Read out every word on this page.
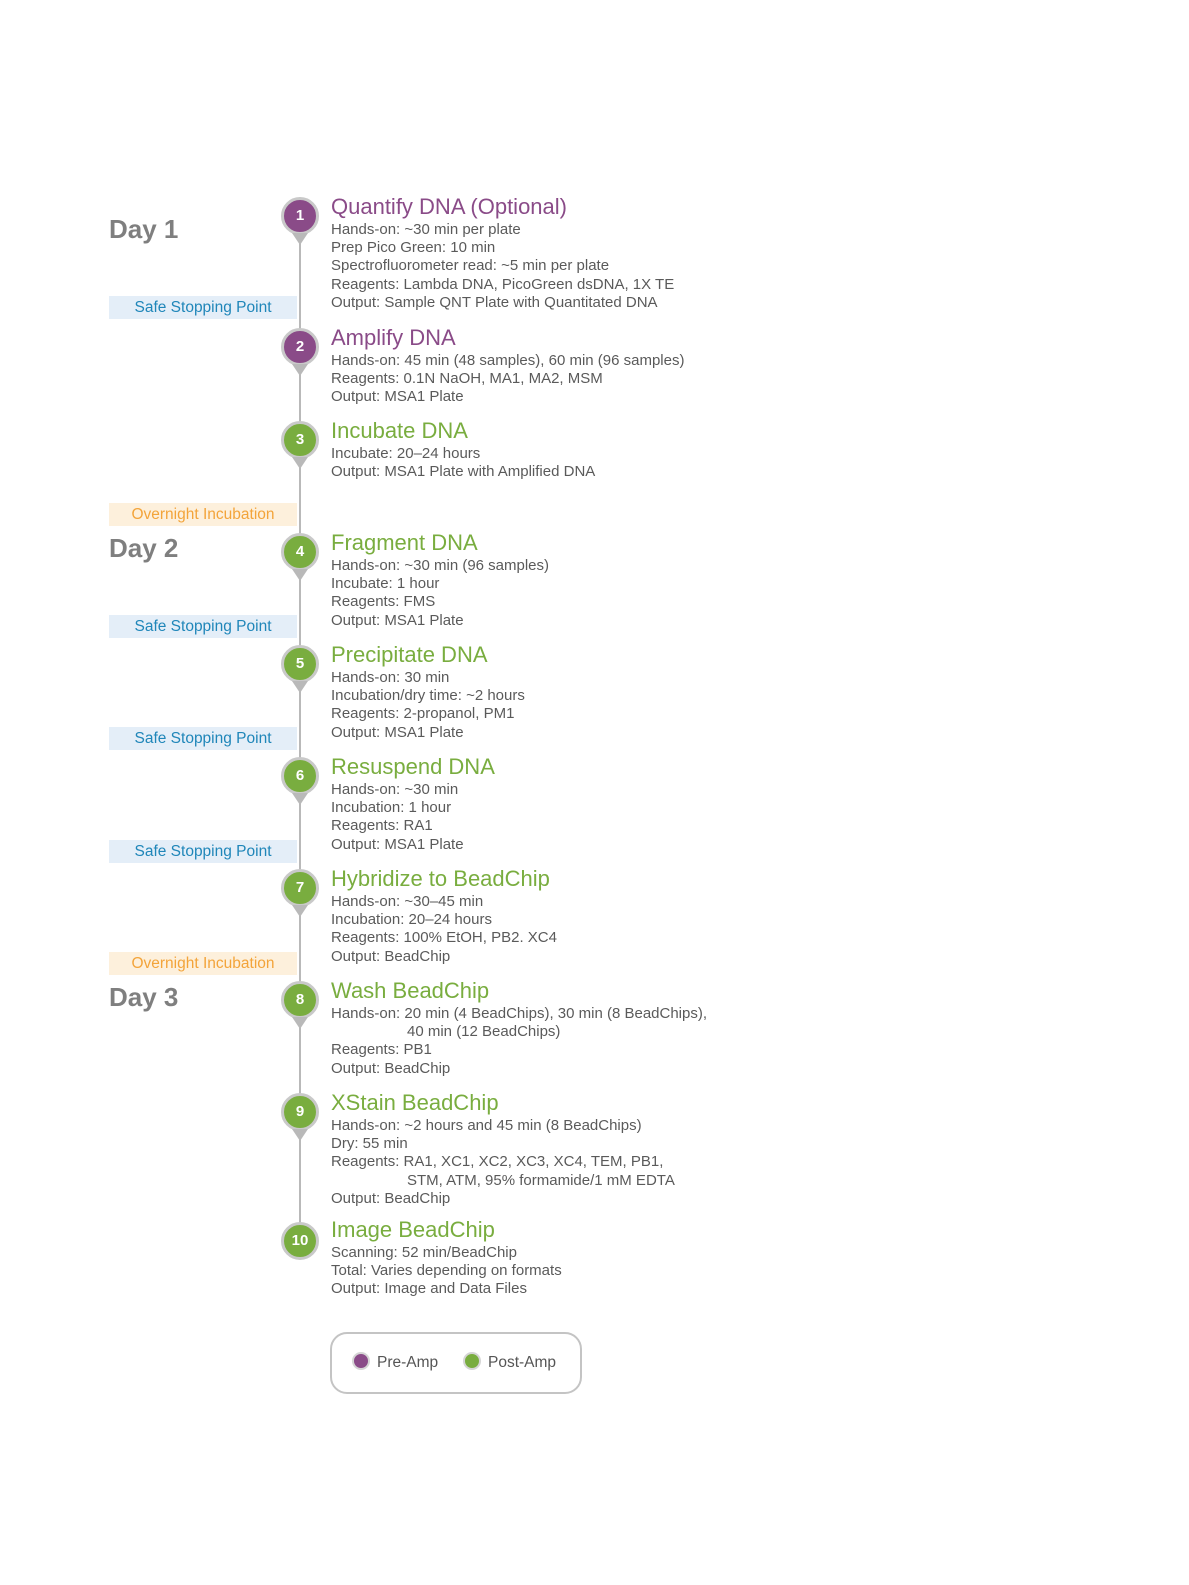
Day 1
Day 2
Day 3
Safe Stopping Point
Overnight Incubation
Safe Stopping Point
Safe Stopping Point
Safe Stopping Point
Overnight Incubation
1	Quantify DNA (Optional)
Hands-on: ~30 min per plate
Prep Pico Green: 10 min
Spectrofluorometer read: ~5 min per plate
Reagents: Lambda DNA, PicoGreen dsDNA, 1X TE
Output: Sample QNT Plate with Quantitated DNA
2	Amplify DNA
Hands-on: 45 min (48 samples), 60 min (96 samples)
Reagents: 0.1N NaOH, MA1, MA2, MSM
Output: MSA1 Plate
3	Incubate DNA
Incubate: 20–24 hours
Output: MSA1 Plate with Amplified DNA
4	Fragment DNA
Hands-on: ~30 min (96 samples)
Incubate: 1 hour
Reagents: FMS
Output: MSA1 Plate
5	Precipitate DNA
Hands-on: 30 min
Incubation/dry time: ~2 hours
Reagents: 2-propanol, PM1
Output: MSA1 Plate
6	Resuspend DNA
Hands-on: ~30 min
Incubation: 1 hour
Reagents: RA1
Output: MSA1 Plate
7	Hybridize to BeadChip
Hands-on: ~30–45 min
Incubation: 20–24 hours
Reagents: 100% EtOH, PB2. XC4
Output: BeadChip
8	Wash BeadChip
Hands-on: 20 min (4 BeadChips), 30 min (8 BeadChips),
40 min (12 BeadChips)
Reagents: PB1
Output: BeadChip
9	XStain BeadChip
Hands-on: ~2 hours and 45 min (8 BeadChips)
Dry: 55 min
Reagents: RA1, XC1, XC2, XC3, XC4, TEM, PB1,
STM, ATM, 95% formamide/1 mM EDTA
Output: BeadChip
10	Image BeadChip
Scanning: 52 min/BeadChip
Total: Varies depending on formats
Output: Image and Data Files
Pre-Amp	Post-Amp
